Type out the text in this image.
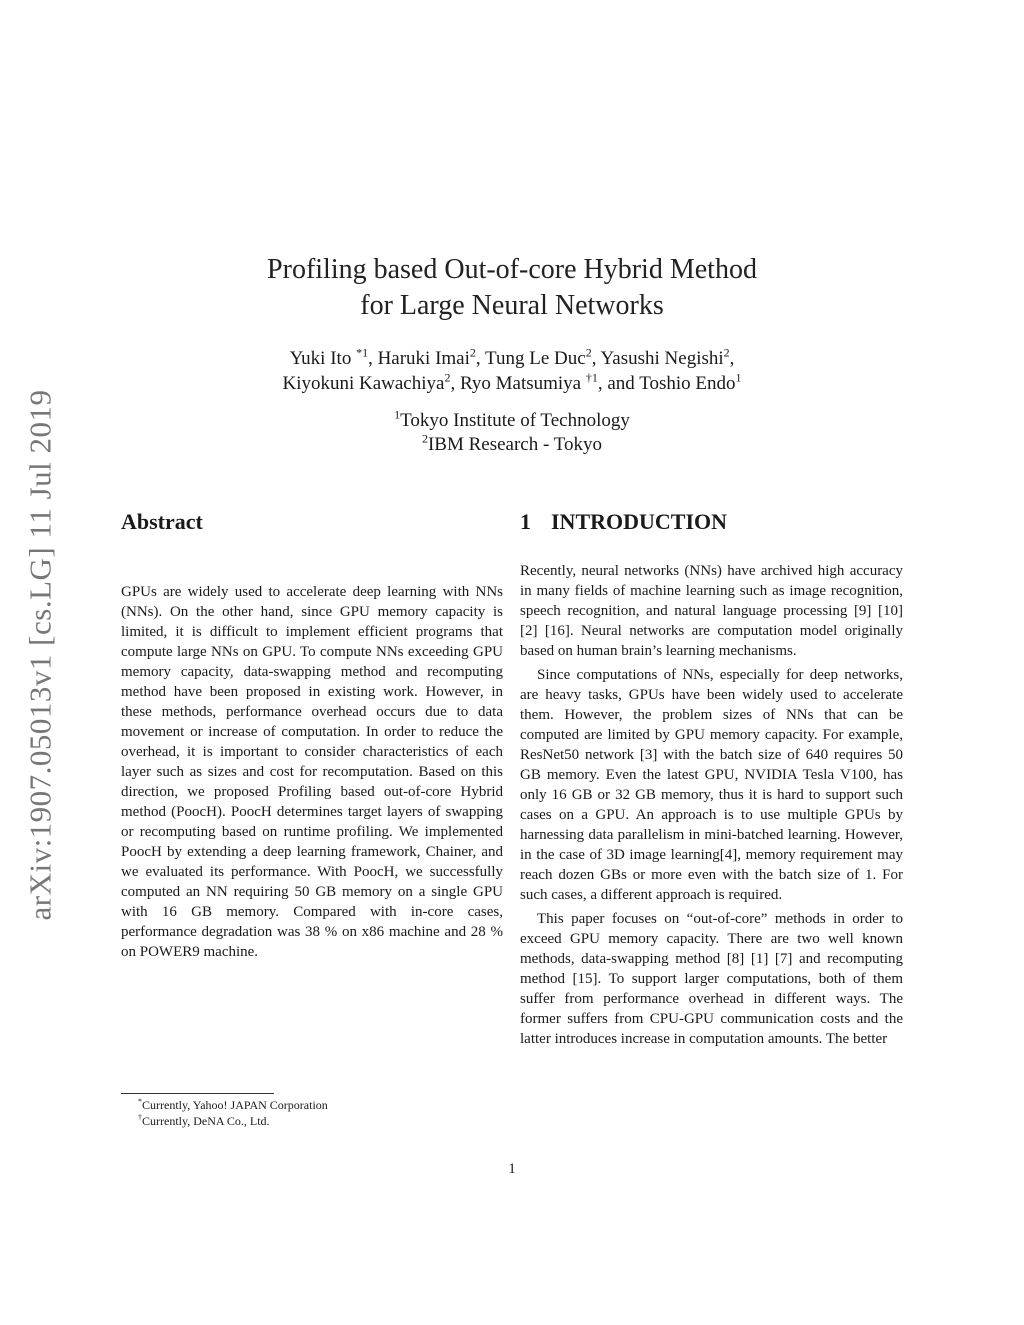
arXiv:1907.05013v1 [cs.LG] 11 Jul 2019
Profiling based Out-of-core Hybrid Method
for Large Neural Networks
Yuki Ito $^{*1}$, Haruki Imai$^2$, Tung Le Duc$^2$, Yasushi Negishi$^2$,
Kiyokuni Kawachiya$^2$, Ryo Matsumiya $^{\dagger 1}$, and Toshio Endo$^1$
$^1$Tokyo Institute of Technology
$^2$IBM Research - Tokyo
Abstract	1 INTRODUCTION

GPUs are widely used to accelerate deep learning with NNs (NNs). On the other hand, since GPU memory capacity is limited, it is difficult to implement efficient programs that compute large NNs on GPU. To compute NNs exceeding GPU memory capacity, data-swapping method and recomputing method have been proposed in existing work. However, in these methods, performance overhead occurs due to data movement or increase of computation. In order to reduce the overhead, it is important to consider characteristics of each layer such as sizes and cost for recomputation. Based on this direction, we proposed Profiling based out-of-core Hybrid method (PoocH). PoocH determines target layers of swapping or recomputing based on runtime profiling. We implemented PoocH by extending a deep learning framework, Chainer, and we evaluated its performance. With PoocH, we successfully computed an NN requiring 50 GB memory on a single GPU with 16 GB memory. Compared with in-core cases, performance degradation was 38 % on x86 machine and 28 % on POWER9 machine.

Recently, neural networks (NNs) have archived high accuracy in many fields of machine learning such as image recognition, speech recognition, and natural language processing [9] [10] [2] [16]. Neural networks are computation model originally based on human brain’s learning mechanisms.

Since computations of NNs, especially for deep networks, are heavy tasks, GPUs have been widely used to accelerate them. However, the problem sizes of NNs that can be computed are limited by GPU memory capacity. For example, ResNet50 network [3] with the batch size of 640 requires 50 GB memory. Even the latest GPU, NVIDIA Tesla V100, has only 16 GB or 32 GB memory, thus it is hard to support such cases on a GPU. An approach is to use multiple GPUs by harnessing data parallelism in mini-batched learning. However, in the case of 3D image learning[4], memory requirement may reach dozen GBs or more even with the batch size of 1. For such cases, a different approach is required.

This paper focuses on “out-of-core” methods in order to exceed GPU memory capacity. There are two well known methods, data-swapping method [8] [1] [7] and recomputing method [15]. To support larger computations, both of them suffer from performance overhead in different ways. The former suffers from CPU-GPU communication costs and the latter introduces increase in computation amounts. The better

*Currently, Yahoo! JAPAN Corporation
†Currently, DeNA Co., Ltd.
1
